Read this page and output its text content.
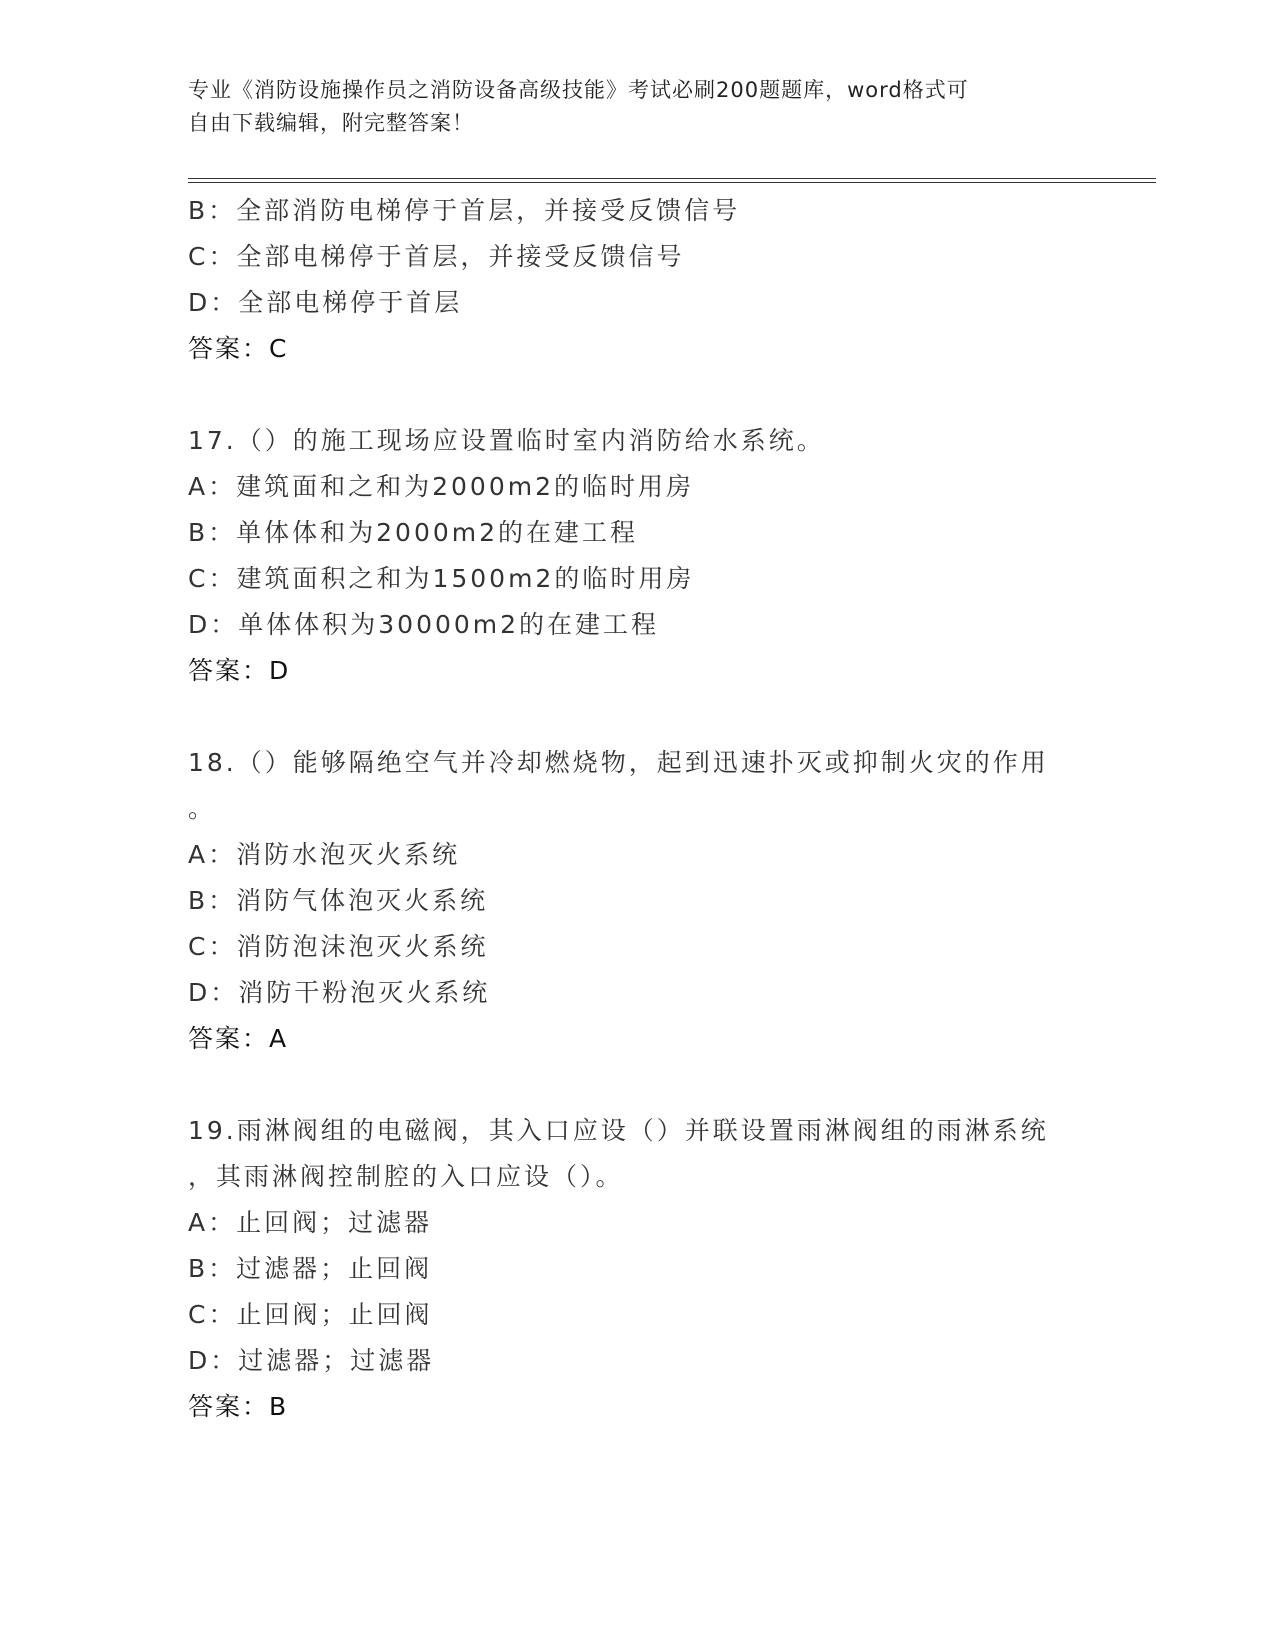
专业《消防设施操作员之消防设备高级技能》考试必刷200题题库，word格式可
自由下载编辑，附完整答案！
B：全部消防电梯停于首层，并接受反馈信号
C：全部电梯停于首层，并接受反馈信号
D：全部电梯停于首层
答案：C
17.（）的施工现场应设置临时室内消防给水系统。
A：建筑面和之和为2000m2的临时用房
B：单体体和为2000m2的在建工程
C：建筑面积之和为1500m2的临时用房
D：单体体积为30000m2的在建工程
答案：D
18.（）能够隔绝空气并冷却燃烧物，起到迅速扑灭或抑制火灾的作用
。
A：消防水泡灭火系统
B：消防气体泡灭火系统
C：消防泡沫泡灭火系统
D：消防干粉泡灭火系统
答案：A
19.雨淋阀组的电磁阀，其入口应设（）并联设置雨淋阀组的雨淋系统
，其雨淋阀控制腔的入口应设（）。
A：止回阀；过滤器
B：过滤器；止回阀
C：止回阀；止回阀
D：过滤器；过滤器
答案：B
